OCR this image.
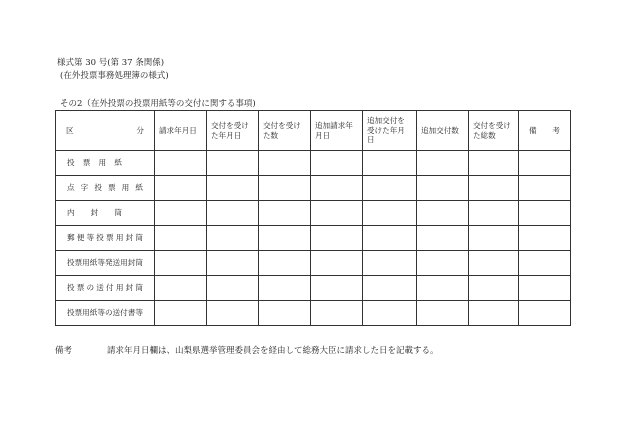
様式第 30 号(第 37 条関係)
(在外投票事務処理簿の様式)
その2（在外投票の投票用紙等の交付に関する事項)
区 分	請求年月日	交付を受けた年月日	交付を受けた数	追加請求年月日	追加交付を受けた年月日	追加交付数	交付を受けた総数	備 考

投票用紙								

点字投票用紙								

内封筒								

郵便等投票用封筒								

投票用紙等発送用封筒								

投票の送付用封筒								

投票用紙等の送付書等								

備考	請求年月日欄は、山梨県選挙管理委員会を経由して総務大臣に請求した日を記載する。
